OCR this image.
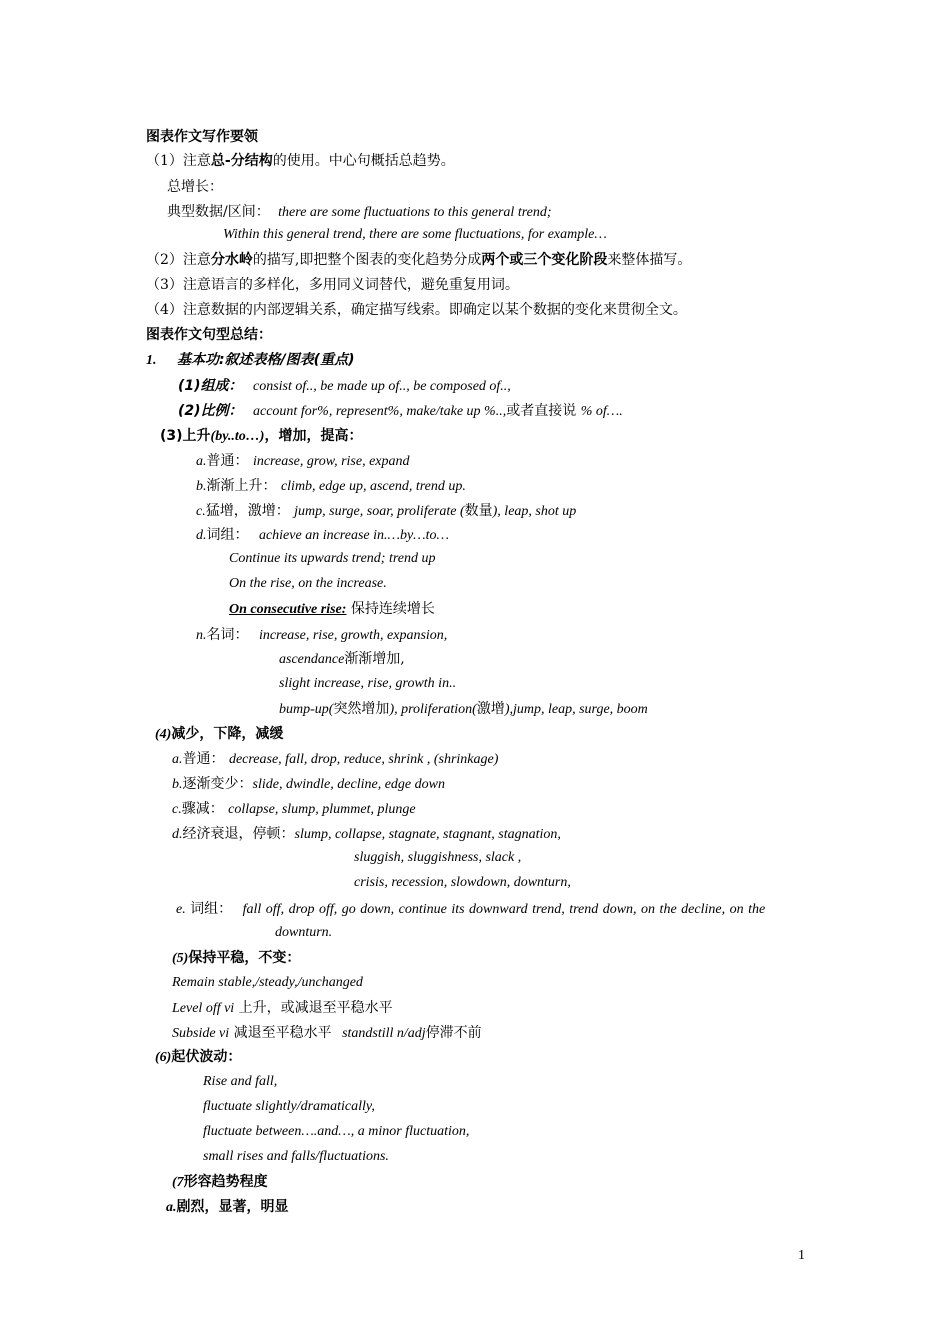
图表作文写作要领
（1）注意总-分结构的使用。中心句概括总趋势。
总增长：
典型数据/区间： there are some fluctuations to this general trend;
Within this general trend, there are some fluctuations, for example…
（2）注意分水岭的描写,即把整个图表的变化趋势分成两个或三个变化阶段来整体描写。
（3）注意语言的多样化，多用同义词替代，避免重复用词。
（4）注意数据的内部逻辑关系，确定描写线索。即确定以某个数据的变化来贯彻全文。
图表作文句型总结：
1. 基本功:叙述表格/图表(重点)
(1)组成： consist of.., be made up of.., be composed of..,
(2)比例： account for%, represent%, make/take up %..,或者直接说 % of….
(3)上升(by..to…)，增加，提高：
a.普通： increase, grow, rise, expand
b.渐渐上升： climb, edge up, ascend, trend up.
c.猛增，激增： jump, surge, soar, proliferate (数量), leap, shot up
d.词组： achieve an increase in.…by…to…
Continue its upwards trend; trend up
On the rise, on the increase.
On consecutive rise: 保持连续增长
n.名词： increase, rise, growth, expansion,
ascendance渐渐增加,
slight increase, rise, growth in..
bump-up(突然增加), proliferation(激增),jump, leap, surge, boom
(4)减少，下降，减缓
a.普通： decrease, fall, drop, reduce, shrink , (shrinkage)
b.逐渐变少：slide, dwindle, decline, edge down
c.骤减： collapse, slump, plummet, plunge
d.经济衰退，停顿：slump, collapse, stagnate, stagnant, stagnation,
sluggish, sluggishness, slack ,
crisis, recession, slowdown, downturn,
e. 词组： fall off, drop off, go down, continue its downward trend, trend down, on the decline, on the
downturn.
(5)保持平稳，不变：
Remain stable,/steady,/unchanged
Level off vi 上升，或减退至平稳水平
Subside vi 减退至平稳水平 standstill n/adj停滞不前
(6)起伏波动：
Rise and fall,
fluctuate slightly/dramatically,
fluctuate between….and…, a minor fluctuation,
small rises and falls/fluctuations.
(7形容趋势程度
a.剧烈，显著，明显
1
